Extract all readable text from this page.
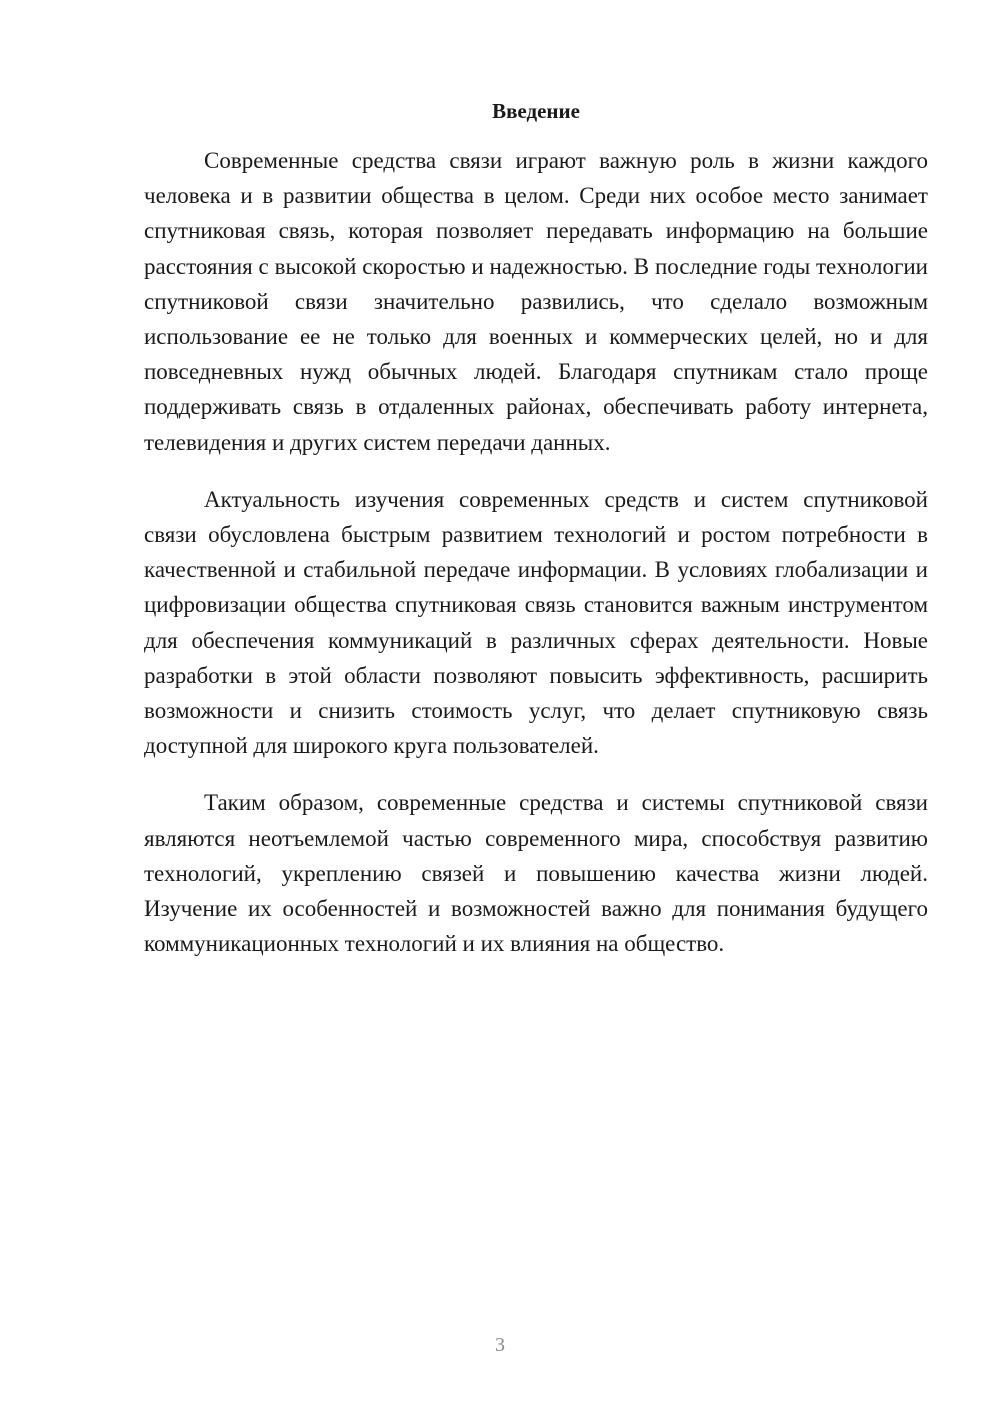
Введение

Современные средства связи играют важную роль в жизни каждого человека и в развитии общества в целом. Среди них особое место занимает спутниковая связь, которая позволяет передавать информацию на большие расстояния с высокой скоростью и надежностью. В последние годы технологии спутниковой связи значительно развились, что сделало возможным использование ее не только для военных и коммерческих целей, но и для повседневных нужд обычных людей. Благодаря спутникам стало проще поддерживать связь в отдаленных районах, обеспечивать работу интернета, телевидения и других систем передачи данных.

Актуальность изучения современных средств и систем спутниковой связи обусловлена быстрым развитием технологий и ростом потребности в качественной и стабильной передаче информации. В условиях глобализации и цифровизации общества спутниковая связь становится важным инструментом для обеспечения коммуникаций в различных сферах деятельности. Новые разработки в этой области позволяют повысить эффективность, расширить возможности и снизить стоимость услуг, что делает спутниковую связь доступной для широкого круга пользователей.

Таким образом, современные средства и системы спутниковой связи являются неотъемлемой частью современного мира, способствуя развитию технологий, укреплению связей и повышению качества жизни людей. Изучение их особенностей и возможностей важно для понимания будущего коммуникационных технологий и их влияния на общество.

3
